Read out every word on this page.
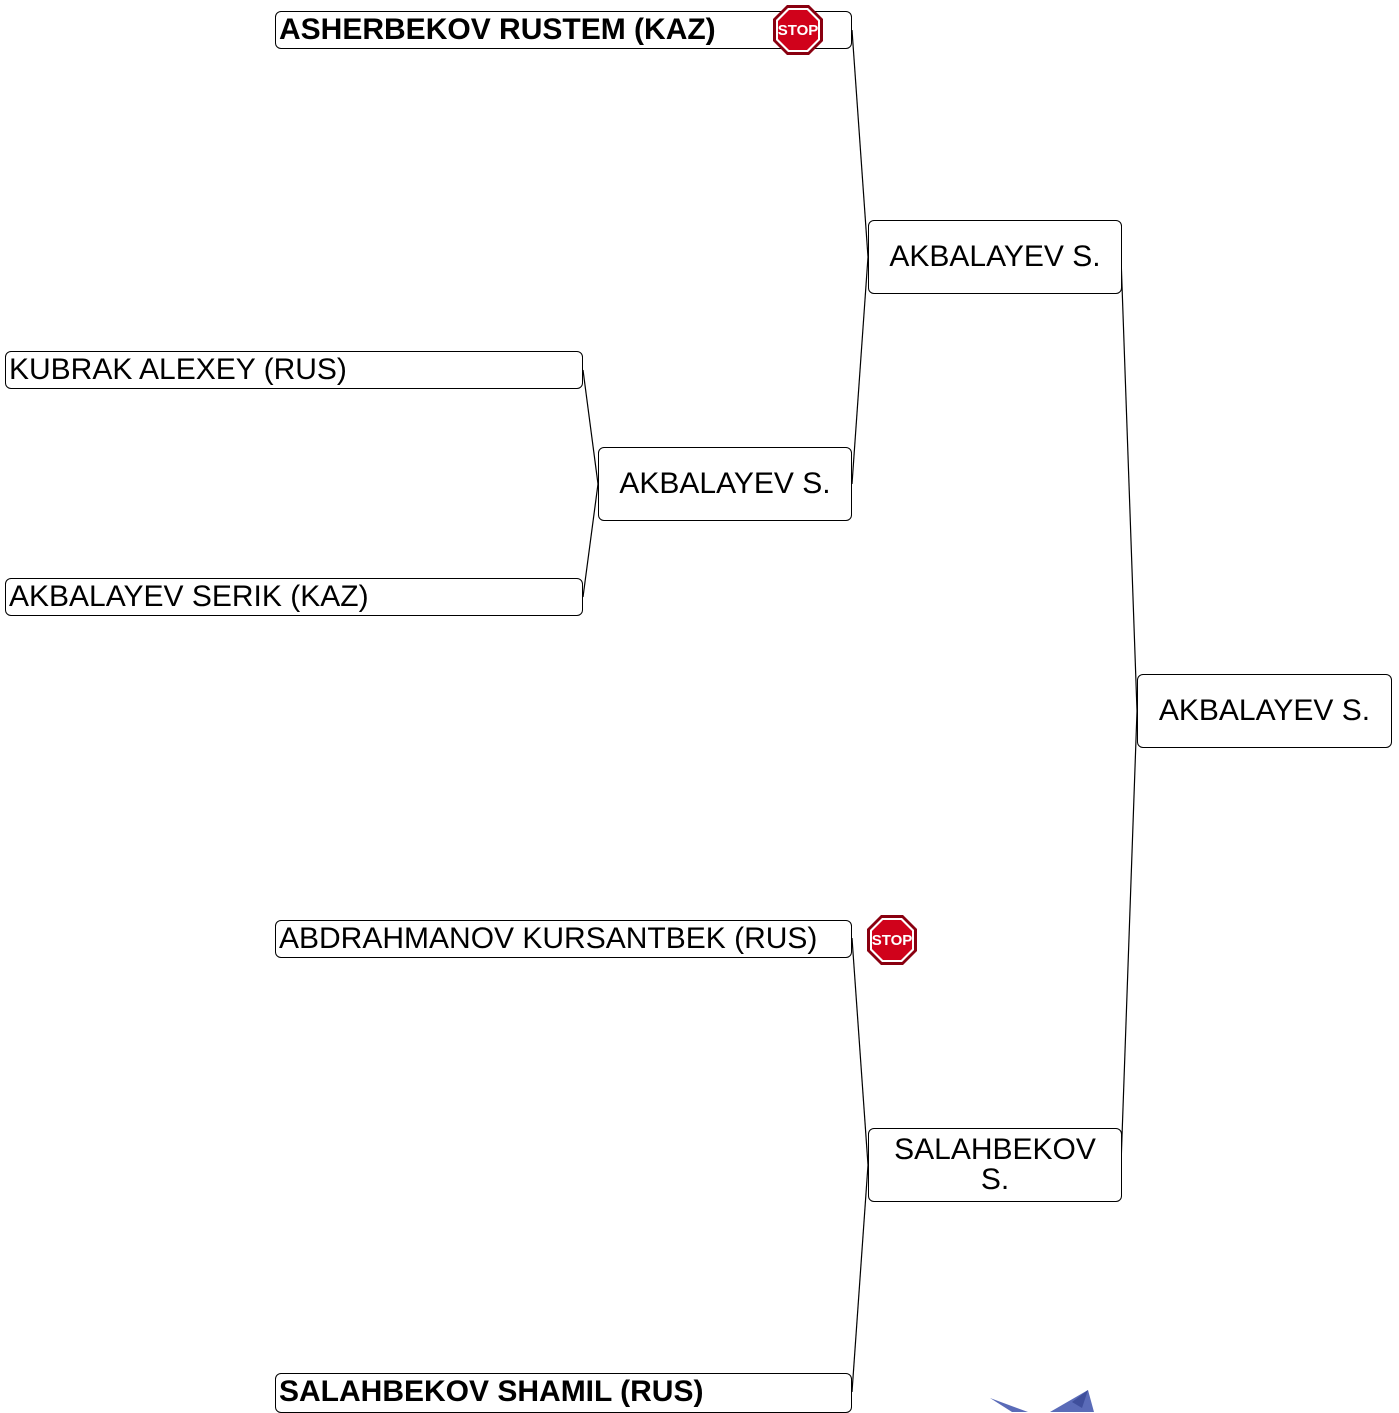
ASHERBEKOV RUSTEM (KAZ)
KUBRAK ALEXEY (RUS)
AKBALAYEV SERIK (KAZ)
ABDRAHMANOV KURSANTBEK (RUS)
SALAHBEKOV SHAMIL (RUS)
AKBALAYEV S.
AKBALAYEV S.
SALAHBEKOV S.
AKBALAYEV S.
STOP
STOP
